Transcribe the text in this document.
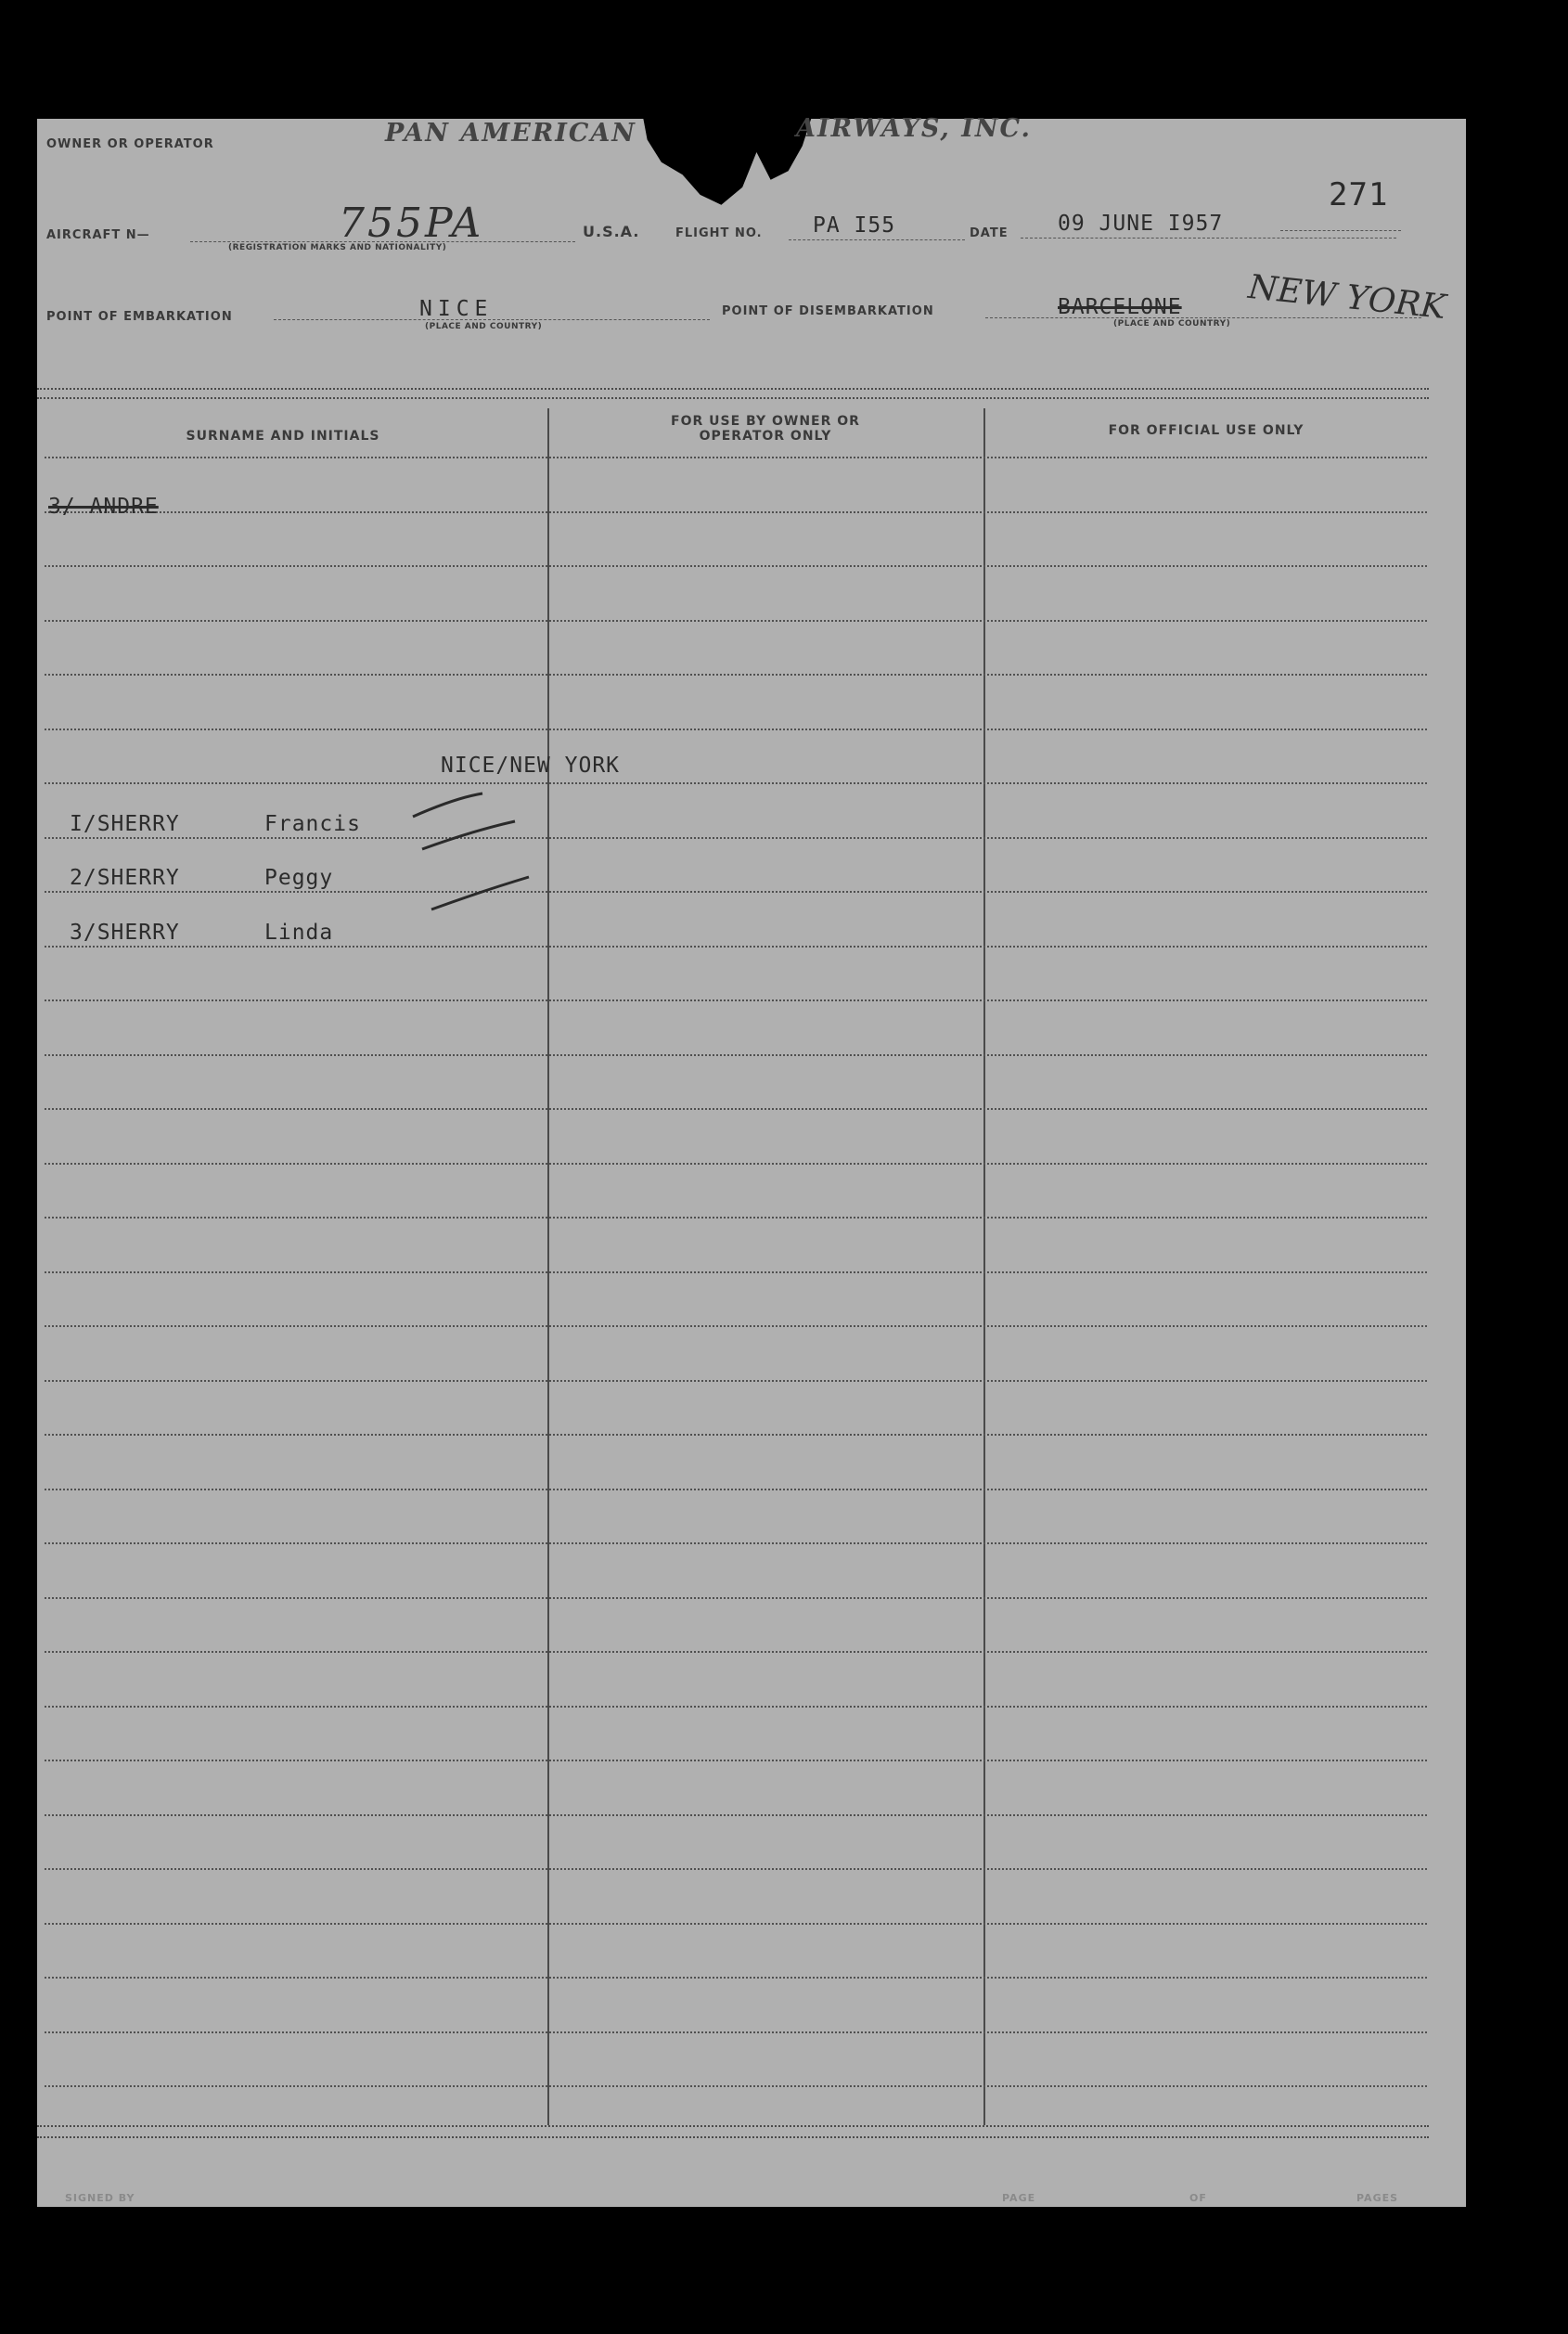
OWNER OR OPERATOR	PAN AMERICAN	AIRWAYS, INC.
271
AIRCRAFT N—	755PA
(REGISTRATION MARKS AND NATIONALITY)
U.S.A.	FLIGHT NO. PA I55	DATE 09 JUNE I957
POINT OF EMBARKATION	NICE
(PLACE AND COUNTRY)
POINT OF DISEMBARKATION	BARCELONE NEW YORK
(PLACE AND COUNTRY)
SURNAME AND INITIALS
FOR USE BY OWNER OR OPERATOR ONLY	FOR OFFICIAL USE ONLY
3/ ANDRE
NICE/NEW YORK
I/SHERRY	Francis
2/SHERRY	Peggy
3/SHERRY	Linda
SIGNED BY	PAGE	OF	PAGES
